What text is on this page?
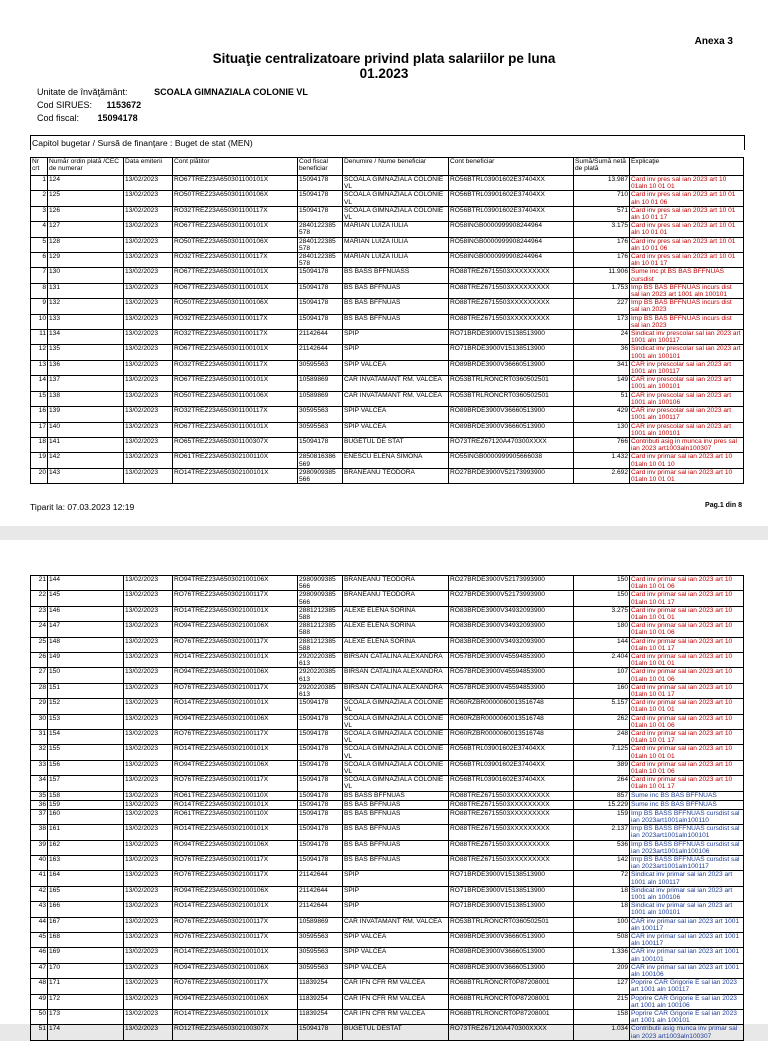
Anexa 3
Situaţie centralizatoare privind plata salariilor pe luna
01.2023
Unitate de învăţământ:	SCOALA GIMNAZIALA COLONIE VL
Cod SIRUES: 1153672
Cod fiscal: 15094178
Capitol bugetar / Sursă de finanţare : Buget de stat (MEN)
Nr crt	Număr ordin plată /CEC de numerar	Data emiterii	Cont plătitor	Cod fiscal beneficiar	Denumire / Nume beneficiar	Cont beneficiar	Sumă/Sumă netă de plată	Explicaţie
1	124	13/02/2023	RO67TREZ23A650301100101X	15094178	SCOALA GIMNAZIALA COLONIE VL	RO56BTRL03901602E37404XX	13.987	Card inv pres sal ian 2023 art 10 01aln 10 01 01
2	125	13/02/2023	RO50TREZ23A650301100106X	15094178	SCOALA GIMNAZIALA COLONIE VL	RO56BTRL03901602E37404XX	710	Card inv pres sal ian 2023 art 10 01 aln 10 01 06
3	126	13/02/2023	RO32TREZ23A650301100117X	15094178	SCOALA GIMNAZIALA COLONIE VL	RO56BTRL03901602E37404XX	571	Card inv pres sal ian 2023 art 10 01 aln 10 01 17
4	127	13/02/2023	RO67TREZ23A650301100101X	2840122385 578	MARIAN LUIZA IULIA	RO58INGB0000999908244964	3.175	Card inv pres sal ian 2023 art 10 01 aln 10 01 01
5	128	13/02/2023	RO50TREZ23A650301100106X	2840122385 578	MARIAN LUIZA IULIA	RO58INGB0000999908244964	176	Card inv pres sal ian 2023 art 10 01 aln 10 01 06
6	129	13/02/2023	RO32TREZ23A650301100117X	2840122385 578	MARIAN LUIZA IULIA	RO58INGB0000999908244964	176	Card inv pres sal ian 2023 art 10 01 aln 10 01 17
7	130	13/02/2023	RO67TREZ23A650301100101X	15094178	BS BASS BFFNUASS	RO88TREZ6715503XXXXXXXXX	11.906	Sume inc pt BS BAS BFFNUAS cursdist
8	131	13/02/2023	RO67TREZ23A650301100101X	15094178	BS BAS BFFNUAS	RO88TREZ6715503XXXXXXXXX	1.753	Imp BS BAS BFFNUAS incurs dist sal ian 2023 art 1001 aln 100101
9	132	13/02/2023	RO50TREZ23A650301100106X	15094178	BS BAS BFFNUAS	RO88TREZ6715503XXXXXXXXX	227	Imp BS BAS BFFNUAS incurs dist sal ian 2023
10	133	13/02/2023	RO32TREZ23A650301100117X	15094178	BS BAS BFFNUAS	RO88TREZ6715503XXXXXXXXX	173	Imp BS BAS BFFNUAS incurs dist sal ian 2023
11	134	13/02/2023	RO32TREZ23A650301100117X	21142644	SPIP	RO71BRDE3900V15138513900	24	Sindicat inv prescolar sal ian 2023 art 1001 aln 100117
12	135	13/02/2023	RO67TREZ23A650301100101X	21142644	SPIP	RO71BRDE3900V15138513900	36	Sindicat inv prescolar sal ian 2023 art 1001 aln 100101
13	136	13/02/2023	RO32TREZ23A650301100117X	30595563	SPIP VALCEA	RO89BRDE3900V36660513900	341	CAR inv prescolar sal ian 2023 art 1001 aln 100117
14	137	13/02/2023	RO67TREZ23A650301100101X	10589869	CAR INVATAMANT RM. VALCEA	RO53BTRLRONCRT0360502501	149	CAR inv prescolar sal ian 2023 art 1001 aln 100101
15	138	13/02/2023	RO50TREZ23A650301100106X	10589869	CAR INVATAMANT RM. VALCEA	RO53BTRLRONCRT0360502501	51	CAR inv prescolar sal ian 2023 art 1001 aln 100106
16	139	13/02/2023	RO32TREZ23A650301100117X	30595563	SPIP VALCEA	RO89BRDE3900V36660513900	429	CAR inv prescolar sal ian 2023 art 1001 aln 100117
17	140	13/02/2023	RO67TREZ23A650301100101X	30595563	SPIP VALCEA	RO89BRDE3900V36660513900	130	CAR inv prescolar sal ian 2023 art 1001 aln 100101
18	141	13/02/2023	RO65TREZ23A650301100307X	15094178	BUGETUL DE STAT	RO73TREZ67120A470300XXXX	766	Contributi asig in munca inv pres sal ian 2023 art1003aln100307
19	142	13/02/2023	RO61TREZ23A650302100110X	2850816386 569	ENESCU ELENA SIMONA	RO55INGB0000999905666038	1.432	Card inv primar sal ian 2023 art 10 01aln 10 01 10
20	143	13/02/2023	RO14TREZ23A650302100101X	2980909385 566	BRANEANU TEODORA	RO27BRDE3900V52173993900	2.692	Card inv primar sal ian 2023 art 10 01aln 10 01 01
Tiparit la: 07.03.2023 12:19	Pag.1 din 8
21	144	13/02/2023	RO94TREZ23A650302100106X	2980909385 566	BRANEANU TEODORA	RO27BRDE3900V52173993900	150	Card inv primar sal ian 2023 art 10 01aln 10 01 06
22	145	13/02/2023	RO76TREZ23A650302100117X	2980909385 566	BRANEANU TEODORA	RO27BRDE3900V52173993900	150	Card inv primar sal ian 2023 art 10 01aln 10 01 17
23	146	13/02/2023	RO14TREZ23A650302100101X	2881212385 588	ALEXE ELENA SORINA	RO83BRDE3900V34932093900	3.275	Card inv primar sal ian 2023 art 10 01aln 10 01 01
24	147	13/02/2023	RO94TREZ23A650302100106X	2881212385 588	ALEXE ELENA SORINA	RO83BRDE3900V34932093900	180	Card inv primar sal ian 2023 art 10 01aln 10 01 06
25	148	13/02/2023	RO76TREZ23A650302100117X	2881212385 588	ALEXE ELENA SORINA	RO83BRDE3900V34932093900	144	Card inv primar sal ian 2023 art 10 01aln 10 01 17
26	149	13/02/2023	RO14TREZ23A650302100101X	2920220385 613	BIRSAN CATALINA ALEXANDRA	RO57BRDE3900V45594853900	2.404	Card inv primar sal ian 2023 art 10 01aln 10 01 01
27	150	13/02/2023	RO94TREZ23A650302100106X	2920220385 613	BIRSAN CATALINA ALEXANDRA	RO57BRDE3900V45594853900	107	Card inv primar sal ian 2023 art 10 01aln 10 01 06
28	151	13/02/2023	RO76TREZ23A650302100117X	2920220385 613	BIRSAN CATALINA ALEXANDRA	RO57BRDE3900V45594853900	160	Card inv primar sal ian 2023 art 10 01aln 10 01 17
29	152	13/02/2023	RO14TREZ23A650302100101X	15094178	SCOALA GIMNAZIALA COLONIE VL	RO60RZBR0000060013516748	5.157	Card inv primar sal ian 2023 art 10 01aln 10 01 01
30	153	13/02/2023	RO94TREZ23A650302100106X	15094178	SCOALA GIMNAZIALA COLONIE VL	RO60RZBR0000060013516748	262	Card inv primar sal ian 2023 art 10 01aln 10 01 06
31	154	13/02/2023	RO76TREZ23A650302100117X	15094178	SCOALA GIMNAZIALA COLONIE VL	RO60RZBR0000060013516748	248	Card inv primar sal ian 2023 art 10 01aln 10 01 17
32	155	13/02/2023	RO14TREZ23A650302100101X	15094178	SCOALA GIMNAZIALA COLONIE VL	RO56BTRL03901602E37404XX	7.125	Card inv primar sal ian 2023 art 10 01aln 10 01 01
33	156	13/02/2023	RO94TREZ23A650302100106X	15094178	SCOALA GIMNAZIALA COLONIE VL	RO56BTRL03901602E37404XX	389	Card inv primar sal ian 2023 art 10 01aln 10 01 06
34	157	13/02/2023	RO76TREZ23A650302100117X	15094178	SCOALA GIMNAZIALA COLONIE VL	RO56BTRL03901602E37404XX	264	Card inv primar sal ian 2023 art 10 01aln 10 01 17
35	158	13/02/2023	RO61TREZ23A650302100110X	15094178	BS BASS BFFNUAS	RO88TREZ6715503XXXXXXXXX	857	Sume inc BS BAS BFFNUAS
36	159	13/02/2023	RO14TREZ23A650302100101X	15094178	BS BAS BFFNUAS	RO88TREZ6715503XXXXXXXXX	15.229	Sume inc BS BAS BFFNUAS
37	160	13/02/2023	RO61TREZ23A650302100110X	15094178	BS BAS BFFNUAS	RO88TREZ6715503XXXXXXXXX	159	Imp BS BASS BFFNUAS cursdist sal ian 2023art1001aln100110
38	161	13/02/2023	RO14TREZ23A650302100101X	15094178	BS BAS BFFNUAS	RO88TREZ6715503XXXXXXXXX	2.137	Imp BS BASS BFFNUAS cursdist sal ian 2023art1001aln100101
39	162	13/02/2023	RO94TREZ23A650302100106X	15094178	BS BAS BFFNUAS	RO88TREZ6715503XXXXXXXXX	536	Imp BS BASS BFFNUAS cursdist sal ian 2023art1001aln100106
40	163	13/02/2023	RO76TREZ23A650302100117X	15094178	BS BAS BFFNUAS	RO88TREZ6715503XXXXXXXXX	142	Imp BS BASS BFFNUAS cursdist sal ian 2023art1001aln100117
41	164	13/02/2023	RO76TREZ23A650302100117X	21142644	SPIP	RO71BRDE3900V15138513900	72	Sindicat inv primar sal ian 2023 art 1001 aln 100117
42	165	13/02/2023	RO94TREZ23A650302100106X	21142644	SPIP	RO71BRDE3900V15138513900	18	Sindicat inv primar sal ian 2023 art 1001 aln 100106
43	166	13/02/2023	RO14TREZ23A650302100101X	21142644	SPIP	RO71BRDE3900V15138513900	18	Sindicat inv primar sal ian 2023 art 1001 aln 100101
44	167	13/02/2023	RO76TREZ23A650302100117X	10589869	CAR INVATAMANT RM. VALCEA	RO53BTRLRONCRT0360502501	100	CAR inv primar sal ian 2023 art 1001 aln 100117
45	168	13/02/2023	RO76TREZ23A650302100117X	30595563	SPIP VALCEA	RO89BRDE3900V36660513900	508	CAR inv primar sal ian 2023 art 1001 aln 100117
46	169	13/02/2023	RO14TREZ23A650302100101X	30595563	SPIP VALCEA	RO89BRDE3900V36660513900	1.336	CAR inv primar sal ian 2023 art 1001 aln 100101
47	170	13/02/2023	RO94TREZ23A650302100106X	30595563	SPIP VALCEA	RO89BRDE3900V36660513900	209	CAR inv primar sal ian 2023 art 1001 aln 100106
48	171	13/02/2023	RO76TREZ23A650302100117X	11839254	CAR IFN CFR RM VALCEA	RO68BTRLRONCRT0P87208001	127	Poprire CAR Grigorie E sal ian 2023 art 1001 aln 100117
49	172	13/02/2023	RO94TREZ23A650302100106X	11839254	CAR IFN CFR RM VALCEA	RO68BTRLRONCRT0P87208001	215	Poprire CAR Grigorie E sal ian 2023 art 1001 aln 100106
50	173	13/02/2023	RO14TREZ23A650302100101X	11839254	CAR IFN CFR RM VALCEA	RO68BTRLRONCRT0P87208001	158	Poprire CAR Grigorie E sal ian 2023 art 1001 aln 100101
51	174	13/02/2023	RO12TREZ23A650302100307X	15094178	BUGETUL DESTAT	RO73TREZ67120A470300XXXX	1.034	Contributii asig munca inv primar sal ian 2023 art1003aln100307
